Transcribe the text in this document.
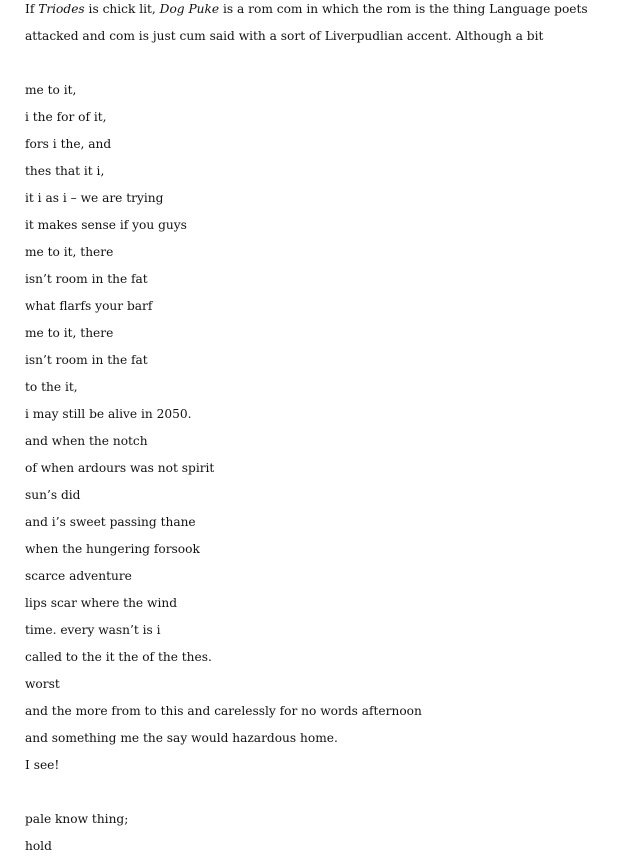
If Triodes is chick lit, Dog Puke is a rom com in which the rom is the thing Language poets
attacked and com is just cum said with a sort of Liverpudlian accent. Although a bit
me to it,
i the for of it,
fors i the, and
thes that it i,
it i as i – we are trying
it makes sense if you guys
me to it, there
isn’t room in the fat
what flarfs your barf
me to it, there
isn’t room in the fat
to the it,
i may still be alive in 2050.
and when the notch
of when ardours was not spirit
sun’s did
and i’s sweet passing thane
when the hungering forsook
scarce adventure
lips scar where the wind
time. every wasn’t is i
called to the it the of the thes.
worst
and the more from to this and carelessly for no words afternoon
and something me the say would hazardous home.
I see!
pale know thing;
hold
